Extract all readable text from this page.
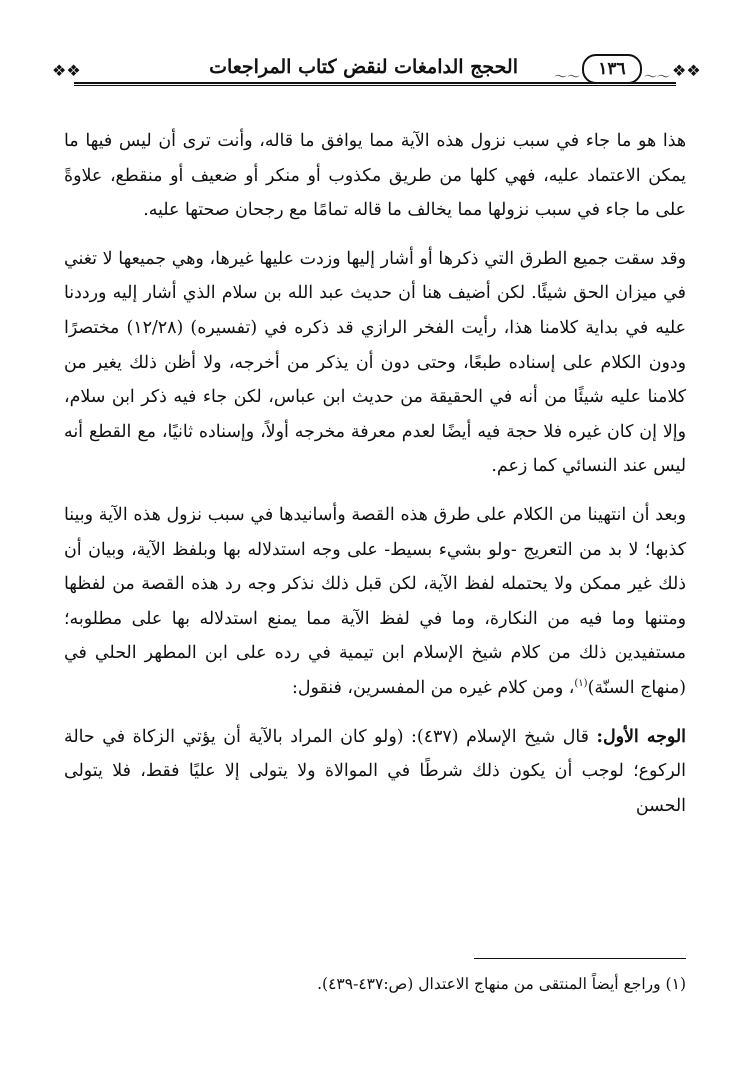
❖❖	〜〜	١٣٦	〜〜
الحجج الدامغات لنقض كتاب المراجعات	❖❖

هذا هو ما جاء في سبب نزول هذه الآية مما يوافق ما قاله، وأنت ترى أن ليس فيها ما يمكن الاعتماد عليه، فهي كلها من طريق مكذوب أو منكر أو ضعيف أو منقطع، علاوةً على ما جاء في سبب نزولها مما يخالف ما قاله تمامًا مع رجحان صحتها عليه.

وقد سقت جميع الطرق التي ذكرها أو أشار إليها وزدت عليها غيرها، وهي جميعها لا تغني في ميزان الحق شيئًا. لكن أضيف هنا أن حديث عبد الله بن سلام الذي أشار إليه ورددنا عليه في بداية كلامنا هذا، رأيت الفخر الرازي قد ذكره في (تفسيره) (١٢/٢٨) مختصرًا ودون الكلام على إسناده طبعًا، وحتى دون أن يذكر من أخرجه، ولا أظن ذلك يغير من كلامنا عليه شيئًا من أنه في الحقيقة من حديث ابن عباس، لكن جاء فيه ذكر ابن سلام، وإلا إن كان غيره فلا حجة فيه أيضًا لعدم معرفة مخرجه أولاً، وإسناده ثانيًا، مع القطع أنه ليس عند النسائي كما زعم.

وبعد أن انتهينا من الكلام على طرق هذه القصة وأسانيدها في سبب نزول هذه الآية وبينا كذبها؛ لا بد من التعريج -ولو بشيء بسيط- على وجه استدلاله بها وبلفظ الآية، وبيان أن ذلك غير ممكن ولا يحتمله لفظ الآية، لكن قبل ذلك نذكر وجه رد هذه القصة من لفظها ومتنها وما فيه من النكارة، وما في لفظ الآية مما يمنع استدلاله بها على مطلوبه؛ مستفيدين ذلك من كلام شيخ الإسلام ابن تيمية في رده على ابن المطهر الحلي في (منهاج السنّة)$^{(١)}$، ومن كلام غيره من المفسرين، فنقول:

الوجه الأول: قال شيخ الإسلام (٤٣٧): (ولو كان المراد بالآية أن يؤتي الزكاة في حالة الركوع؛ لوجب أن يكون ذلك شرطًا في الموالاة ولا يتولى إلا عليًا فقط، فلا يتولى الحسن

(١) وراجع أيضاً المنتقى من منهاج الاعتدال (ص:٤٣٧-٤٣٩).
